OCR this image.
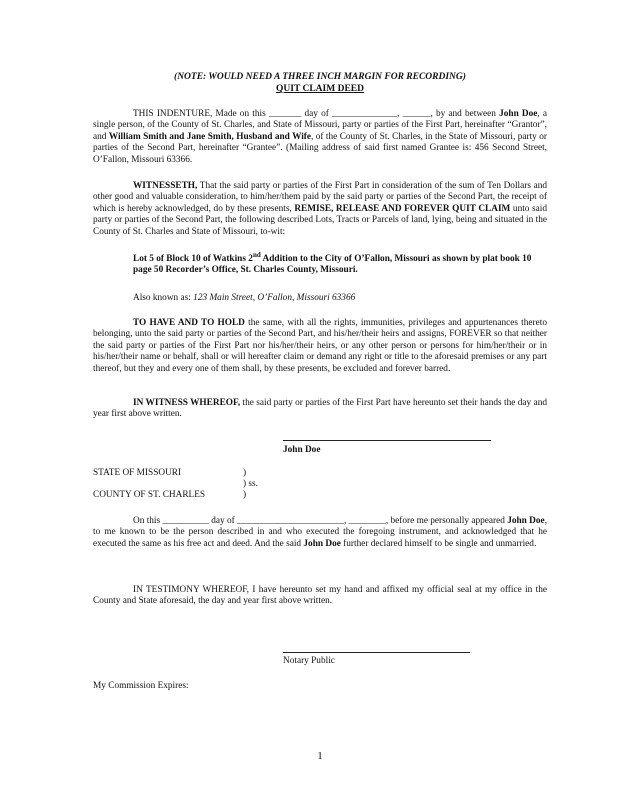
(NOTE: WOULD NEED A THREE INCH MARGIN FOR RECORDING)
QUIT CLAIM DEED
THIS INDENTURE, Made on this _______ day of ______________, ______, by and between John Doe, a single person, of the County of St. Charles, and State of Missouri, party or parties of the First Part, hereinafter “Grantor”, and William Smith and Jane Smith, Husband and Wife, of the County of St. Charles, in the State of Missouri, party or parties of the Second Part, hereinafter “Grantee”. (Mailing address of said first named Grantee is: 456 Second Street, O’Fallon, Missouri 63366.
WITNESSETH, That the said party or parties of the First Part in consideration of the sum of Ten Dollars and other good and valuable consideration, to him/her/them paid by the said party or parties of the Second Part, the receipt of which is hereby acknowledged, do by these presents, REMISE, RELEASE AND FOREVER QUIT CLAIM unto said party or parties of the Second Part, the following described Lots, Tracts or Parcels of land, lying, being and situated in the County of St. Charles and State of Missouri, to-wit:
Lot 5 of Block 10 of Watkins 2nd Addition to the City of O’Fallon, Missouri as shown by plat book 10 page 50 Recorder’s Office, St. Charles County, Missouri.
Also known as: 123 Main Street, O’Fallon, Missouri 63366
TO HAVE AND TO HOLD the same, with all the rights, immunities, privileges and appurtenances thereto belonging, unto the said party or parties of the Second Part, and his/her/their heirs and assigns, FOREVER so that neither the said party or parties of the First Part nor his/her/their heirs, or any other person or persons for him/her/their or in his/her/their name or behalf, shall or will hereafter claim or demand any right or title to the aforesaid premises or any part thereof, but they and every one of them shall, by these presents, be excluded and forever barred.
IN WITNESS WHEREOF, the said party or parties of the First Part have hereunto set their hands the day and year first above written.
John Doe
STATE OF MISSOURI	)
) ss.
COUNTY OF ST. CHARLES	)
On this __________ day of _______________________, ________, before me personally appeared John Doe, to me known to be the person described in and who executed the foregoing instrument, and acknowledged that he executed the same as his free act and deed. And the said John Doe further declared himself to be single and unmarried.
IN TESTIMONY WHEREOF, I have hereunto set my hand and affixed my official seal at my office in the County and State aforesaid, the day and year first above written.
Notary Public
My Commission Expires:
1
